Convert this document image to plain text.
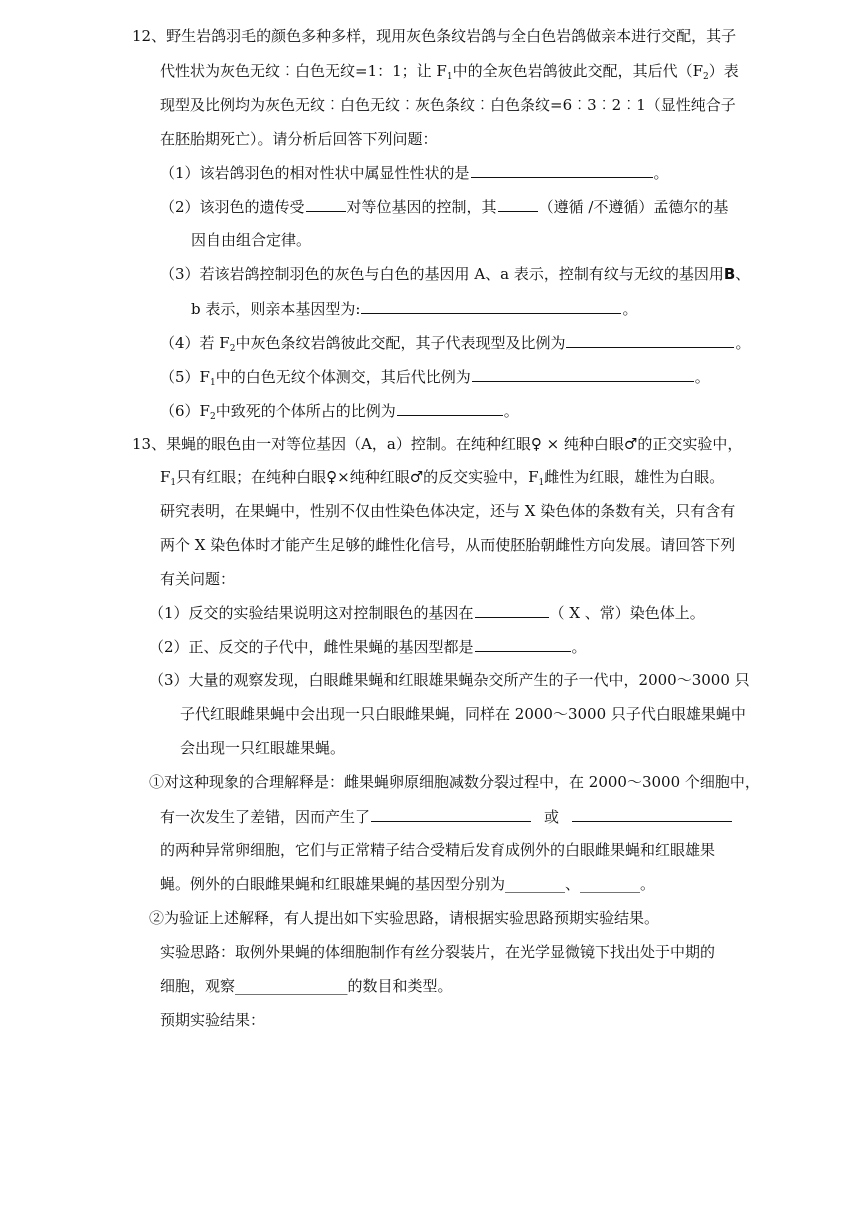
12、野生岩鸽羽毛的颜色多种多样，现用灰色条纹岩鸽与全白色岩鸽做亲本进行交配，其子
代性状为灰色无纹︰白色无纹=1：1；让 $F_1$中的全灰色岩鸽彼此交配，其后代$(F_2)$表
现型及比例均为灰色无纹︰白色无纹︰灰色条纹︰白色条纹=6︰3︰2︰1（显性纯合子
在胚胎期死亡）。请分析后回答下列问题：
（1）该岩鸽羽色的相对性状中属显性性状的是	。
（2）该羽色的遗传受	对等位基因的控制，其	（遵循 /不遵循）孟德尔的基
因自由组合定律。
（3）若该岩鸽控制羽色的灰色与白色的基因用 A、a 表示，控制有纹与无纹的基因用B、
b 表示，则亲本基因型为:	。
（4）若 $F_2$中灰色条纹岩鸽彼此交配，其子代表现型及比例为	。
$(5)F_1$中的白色无纹个体测交，其后代比例为	。
$(6)F_2$中致死的个体所占的比例为	。
13、果蝇的眼色由一对等位基因（A，a）控制。在纯种红眼♀ × 纯种白眼♂的正交实验中，
$F_1$只有红眼；在纯种白眼♀×纯种红眼♂的反交实验中，$F_1$雌性为红眼，雄性为白眼。
研究表明，在果蝇中，性别不仅由性染色体决定，还与 X 染色体的条数有关，只有含有
两个 X 染色体时才能产生足够的雌性化信号，从而使胚胎朝雌性方向发展。请回答下列
有关问题：
（1）反交的实验结果说明这对控制眼色的基因在	（ X 、常）染色体上。
（2）正、反交的子代中，雌性果蝇的基因型都是	。
（3）大量的观察发现，白眼雌果蝇和红眼雄果蝇杂交所产生的子一代中，2000～3000 只
子代红眼雌果蝇中会出现一只白眼雌果蝇，同样在 2000～3000 只子代白眼雄果蝇中
会出现一只红眼雄果蝇。
①对这种现象的合理解释是：雌果蝇卵原细胞减数分裂过程中，在 2000～3000 个细胞中，
有一次发生了差错，因而产生了	或
的两种异常卵细胞，它们与正常精子结合受精后发育成例外的白眼雌果蝇和红眼雄果
蝇。例外的白眼雌果蝇和红眼雄果蝇的基因型分别为________、________。
②为验证上述解释，有人提出如下实验思路，请根据实验思路预期实验结果。
实验思路：取例外果蝇的体细胞制作有丝分裂装片，在光学显微镜下找出处于中期的
细胞，观察_______________的数目和类型。
预期实验结果：
